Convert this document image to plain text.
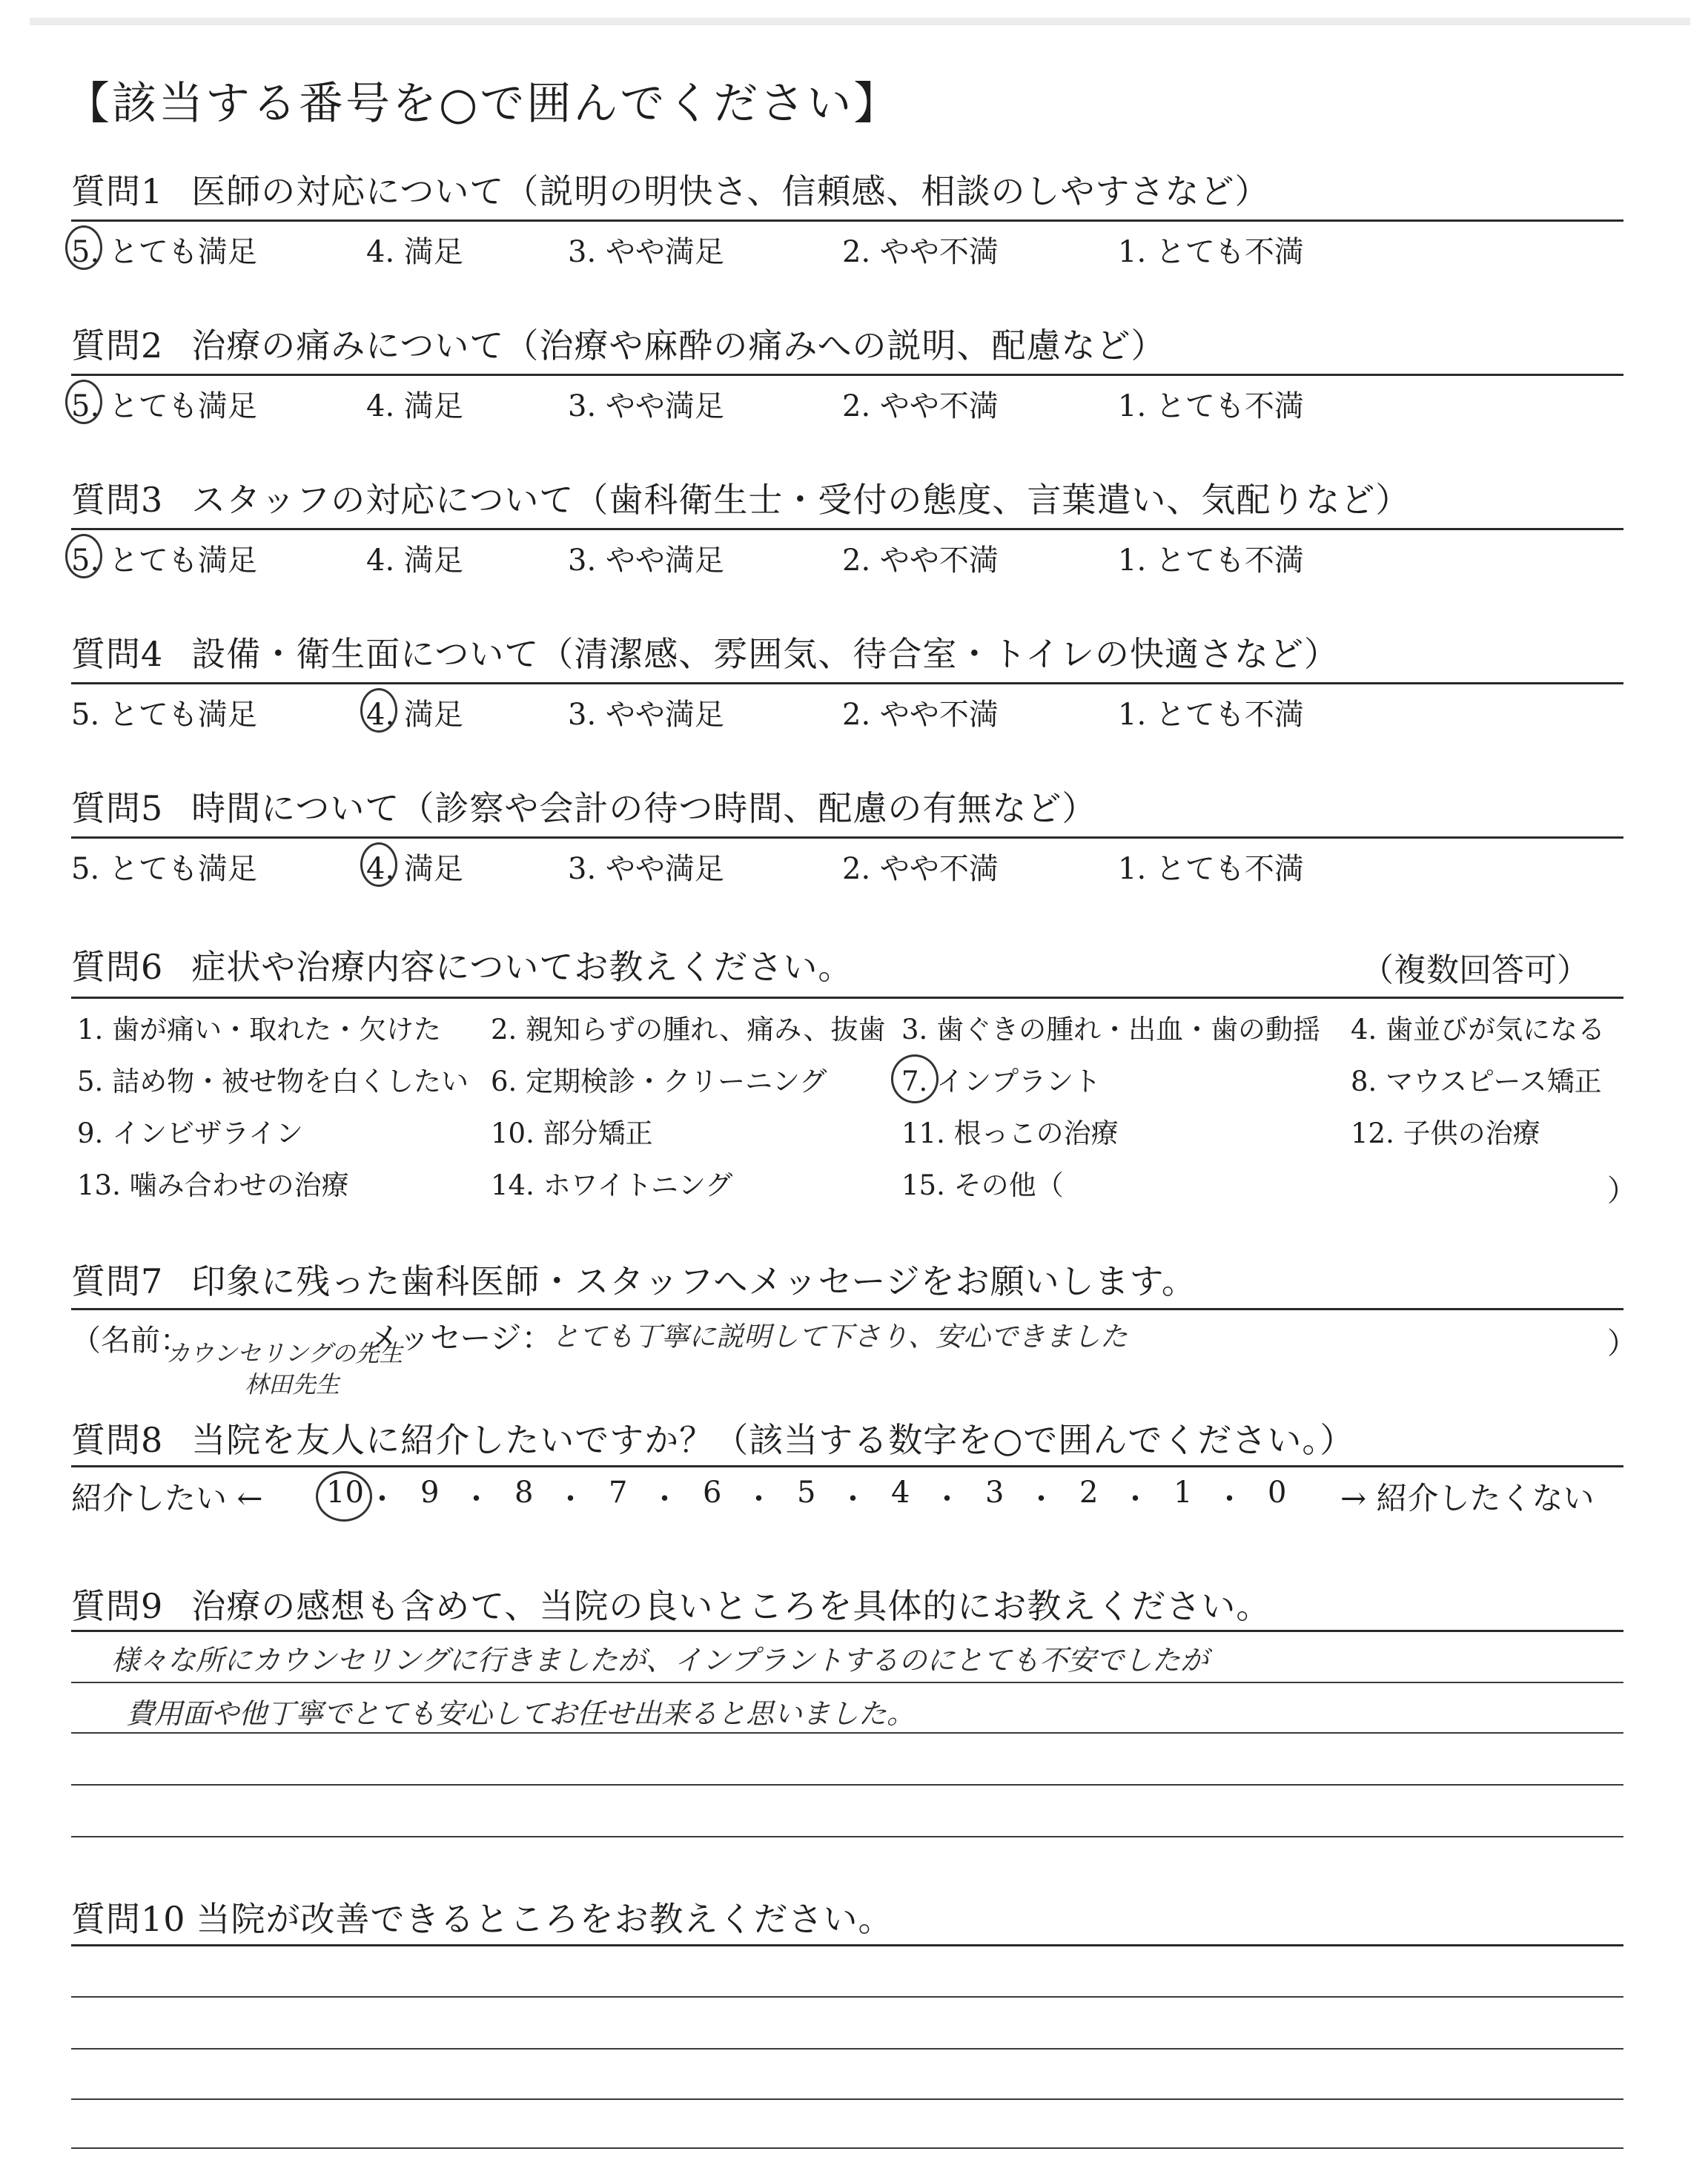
【該当する番号を○で囲んでください】
質問1 医師の対応について（説明の明快さ、信頼感、相談のしやすさなど）
5. とても満足	4. 満足	3. やや満足	2. やや不満	1. とても不満
質問2 治療の痛みについて（治療や麻酔の痛みへの説明、配慮など）
5. とても満足	4. 満足	3. やや満足	2. やや不満	1. とても不満
質問3 スタッフの対応について（歯科衛生士・受付の態度、言葉遣い、気配りなど）
5. とても満足	4. 満足	3. やや満足	2. やや不満	1. とても不満
質問4 設備・衛生面について（清潔感、雰囲気、待合室・トイレの快適さなど）
5. とても満足	4. 満足	3. やや満足	2. やや不満	1. とても不満
質問5 時間について（診察や会計の待つ時間、配慮の有無など）
5. とても満足	4. 満足	3. やや満足	2. やや不満	1. とても不満
質問6 症状や治療内容についてお教えください。	（複数回答可）
1. 歯が痛い・取れた・欠けた 2. 親知らずの腫れ、痛み、抜歯 3. 歯ぐきの腫れ・出血・歯の動揺 4. 歯並びが気になる
5. 詰め物・被せ物を白くしたい 6. 定期検診・クリーニング	7. インプラント	8. マウスピース矯正
9. インビザライン	10. 部分矯正	11. 根っこの治療	12. 子供の治療
13. 噛み合わせの治療	14. ホワイトニング	15. その他（	）
質問7 印象に残った歯科医師・スタッフへメッセージをお願いします。
（名前：
カウンセリングの先生
林田先生
メッセージ：
とても丁寧に説明して下さり、安心できました	）
質問8 当院を友人に紹介したいですか？（該当する数字を○で囲んでください。）
紹介したい ←	→ 紹介したくない
10 ・ 9 ・ 8 ・ 7 ・ 6 ・ 5 ・ 4 ・ 3 ・ 2 ・ 1 ・ 0
質問9 治療の感想も含めて、当院の良いところを具体的にお教えください。
様々な所にカウンセリングに行きましたが、インプラントするのにとても不安でしたが
費用面や他丁寧でとても安心してお任せ出来ると思いました。
質問10 当院が改善できるところをお教えください。
